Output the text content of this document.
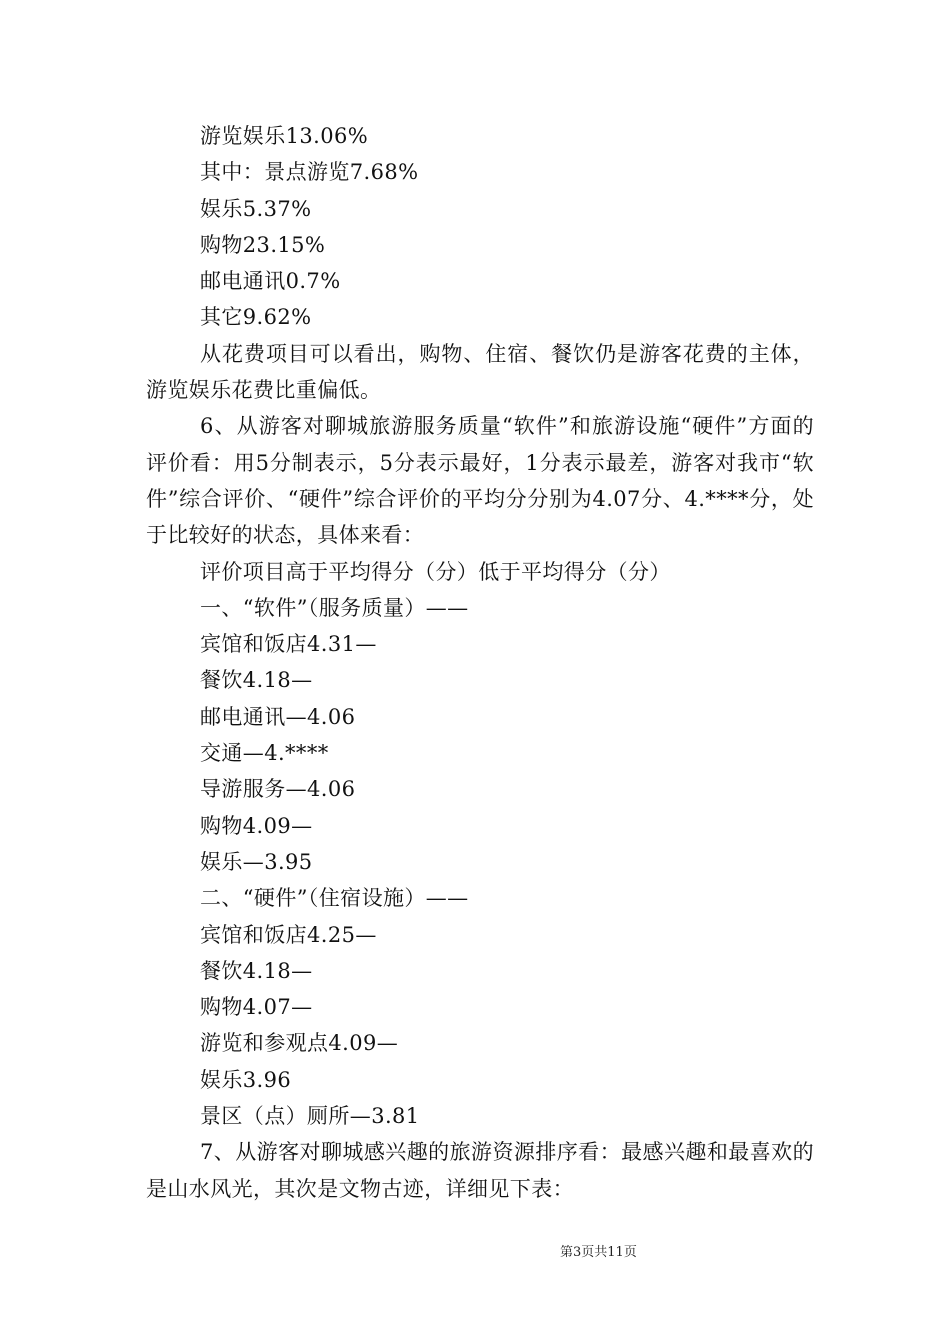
游览娱乐13.06%
其中：景点游览7.68%
娱乐5.37%
购物23.15%
邮电通讯0.7%
其它9.62%

从花费项目可以看出，购物、住宿、餐饮仍是游客花费的主体，游览娱乐花费比重偏低。

6、从游客对聊城旅游服务质量“软件”和旅游设施“硬件”方面的评价看：用5分制表示，5分表示最好，1分表示最差，游客对我市“软件”综合评价、“硬件”综合评价的平均分分别为4.07分、4.****分，处于比较好的状态，具体来看：

评价项目高于平均得分（分）低于平均得分（分）
一、“软件”（服务质量）——
宾馆和饭店4.31—
餐饮4.18—
邮电通讯—4.06
交通—4.****
导游服务—4.06
购物4.09—
娱乐—3.95
二、“硬件”（住宿设施）——
宾馆和饭店4.25—
餐饮4.18—
购物4.07—
游览和参观点4.09—
娱乐3.96
景区（点）厕所—3.81

7、从游客对聊城感兴趣的旅游资源排序看：最感兴趣和最喜欢的是山水风光，其次是文物古迹，详细见下表：

第3页共11页
